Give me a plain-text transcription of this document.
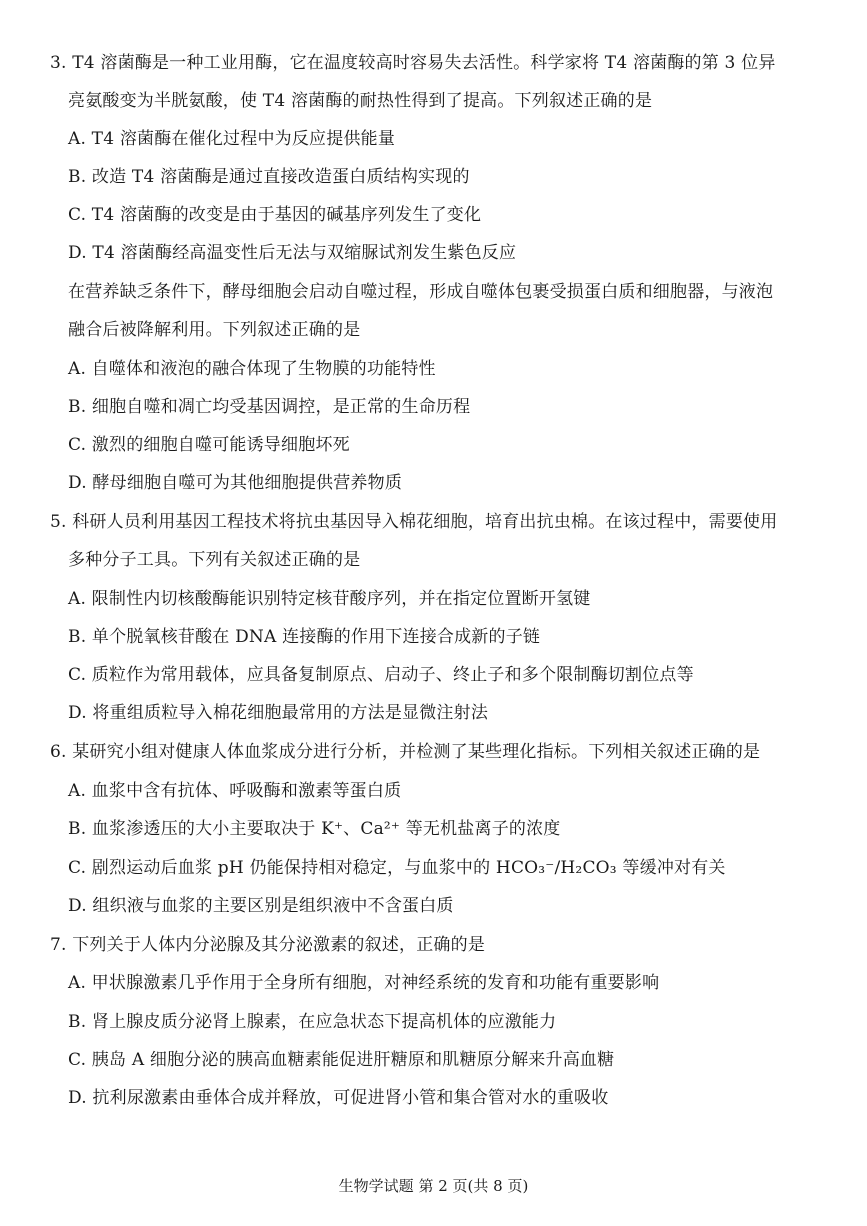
3. T4 溶菌酶是一种工业用酶，它在温度较高时容易失去活性。科学家将 T4 溶菌酶的第 3 位异
亮氨酸变为半胱氨酸，使 T4 溶菌酶的耐热性得到了提高。下列叙述正确的是
A. T4 溶菌酶在催化过程中为反应提供能量
B. 改造 T4 溶菌酶是通过直接改造蛋白质结构实现的
C. T4 溶菌酶的改变是由于基因的碱基序列发生了变化
D. T4 溶菌酶经高温变性后无法与双缩脲试剂发生紫色反应
在营养缺乏条件下，酵母细胞会启动自噬过程，形成自噬体包裹受损蛋白质和细胞器，与液泡
融合后被降解利用。下列叙述正确的是
A. 自噬体和液泡的融合体现了生物膜的功能特性
B. 细胞自噬和凋亡均受基因调控，是正常的生命历程
C. 激烈的细胞自噬可能诱导细胞坏死
D. 酵母细胞自噬可为其他细胞提供营养物质
5. 科研人员利用基因工程技术将抗虫基因导入棉花细胞，培育出抗虫棉。在该过程中，需要使用
多种分子工具。下列有关叙述正确的是
A. 限制性内切核酸酶能识别特定核苷酸序列，并在指定位置断开氢键
B. 单个脱氧核苷酸在 DNA 连接酶的作用下连接合成新的子链
C. 质粒作为常用载体，应具备复制原点、启动子、终止子和多个限制酶切割位点等
D. 将重组质粒导入棉花细胞最常用的方法是显微注射法
6. 某研究小组对健康人体血浆成分进行分析，并检测了某些理化指标。下列相关叙述正确的是
A. 血浆中含有抗体、呼吸酶和激素等蛋白质
B. 血浆渗透压的大小主要取决于 K⁺、Ca²⁺ 等无机盐离子的浓度
C. 剧烈运动后血浆 pH 仍能保持相对稳定，与血浆中的 HCO₃⁻/H₂CO₃ 等缓冲对有关
D. 组织液与血浆的主要区别是组织液中不含蛋白质
7. 下列关于人体内分泌腺及其分泌激素的叙述，正确的是
A. 甲状腺激素几乎作用于全身所有细胞，对神经系统的发育和功能有重要影响
B. 肾上腺皮质分泌肾上腺素，在应急状态下提高机体的应激能力
C. 胰岛 A 细胞分泌的胰高血糖素能促进肝糖原和肌糖原分解来升高血糖
D. 抗利尿激素由垂体合成并释放，可促进肾小管和集合管对水的重吸收
生物学试题 第 2 页(共 8 页)
